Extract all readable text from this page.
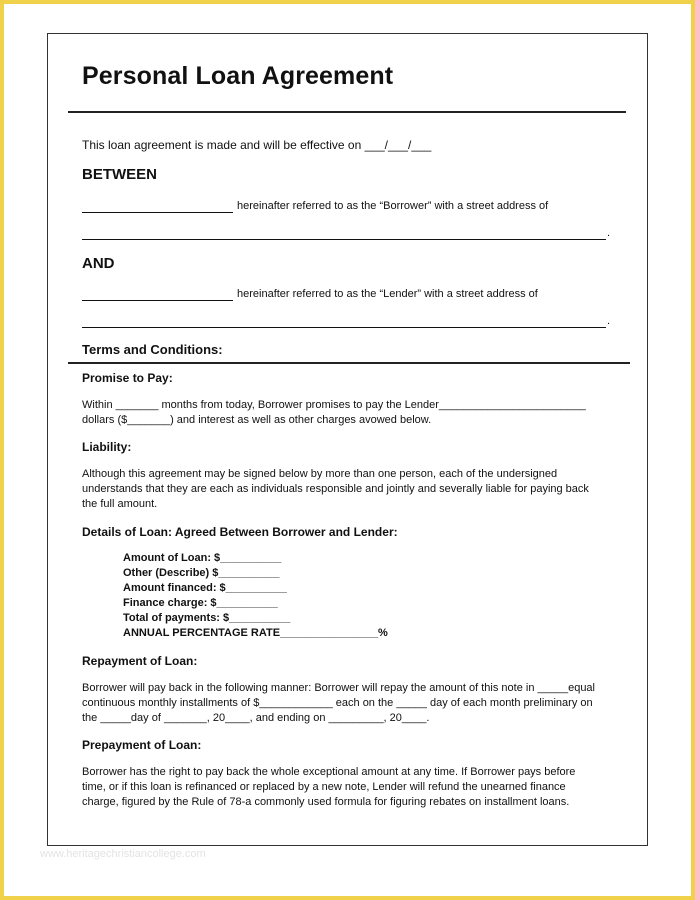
Personal Loan Agreement
This loan agreement is made and will be effective on ___/___/___
BETWEEN
hereinafter referred to as the “Borrower” with a street address of
.
AND
hereinafter referred to as the “Lender” with a street address of
.
Terms and Conditions:
Promise to Pay:
Within _______ months from today, Borrower promises to pay the Lender________________________
dollars ($_______) and interest as well as other charges avowed below.
Liability:
Although this agreement may be signed below by more than one person, each of the undersigned
understands that they are each as individuals responsible and jointly and severally liable for paying back
the full amount.
Details of Loan: Agreed Between Borrower and Lender:
Amount of Loan: $__________
Other (Describe) $__________
Amount financed: $__________
Finance charge: $__________
Total of payments: $__________
ANNUAL PERCENTAGE RATE________________%
Repayment of Loan:
Borrower will pay back in the following manner: Borrower will repay the amount of this note in _____equal
continuous monthly installments of $____________ each on the _____ day of each month preliminary on
the _____day of _______, 20____, and ending on _________, 20____.
Prepayment of Loan:
Borrower has the right to pay back the whole exceptional amount at any time. If Borrower pays before
time, or if this loan is refinanced or replaced by a new note, Lender will refund the unearned finance
charge, figured by the Rule of 78-a commonly used formula for figuring rebates on installment loans.
www.heritagechristiancollege.com
